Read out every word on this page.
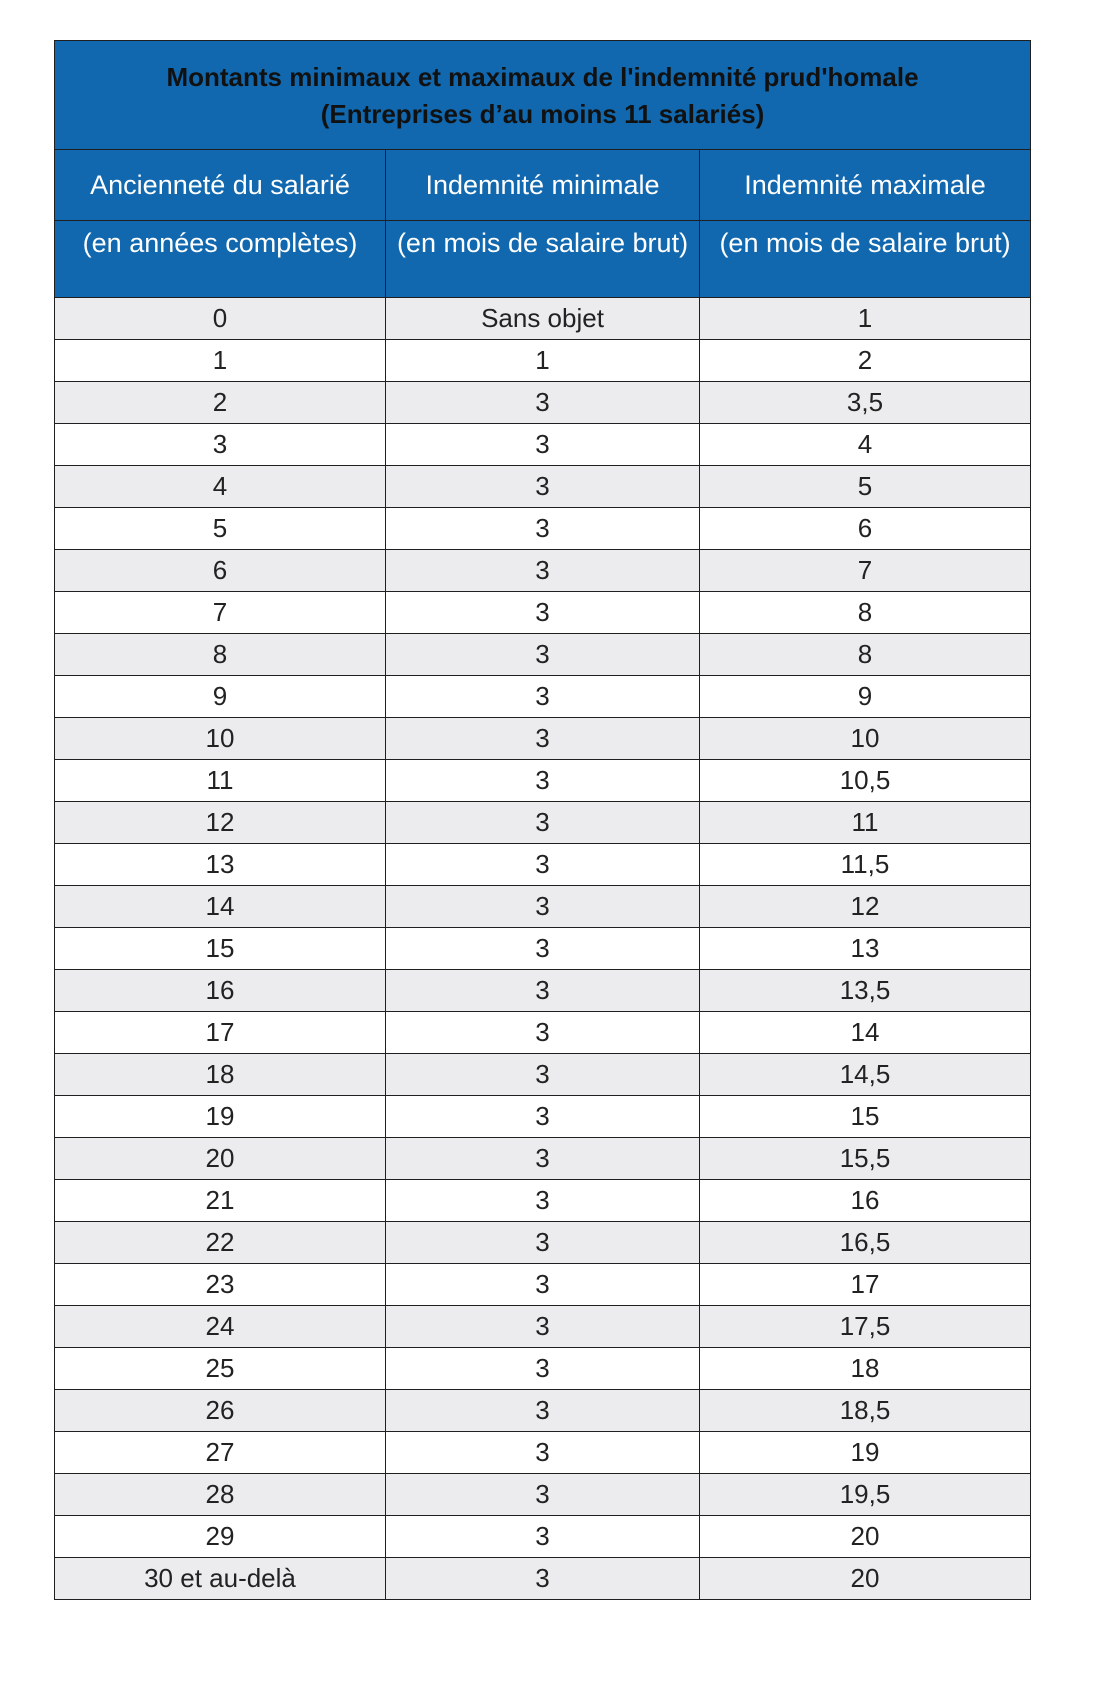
Montants minimaux et maximaux de l'indemnité prud'homale
(Entreprises d’au moins 11 salariés)		

Ancienneté du salarié	Indemnité minimale	Indemnité maximale
(en années complètes)	(en mois de salaire brut)	(en mois de salaire brut)
0	Sans objet	1
1	1	2
2	3	3,5
3	3	4
4	3	5
5	3	6
6	3	7
7	3	8
8	3	8
9	3	9
10	3	10
11	3	10,5
12	3	11
13	3	11,5
14	3	12
15	3	13
16	3	13,5
17	3	14
18	3	14,5
19	3	15
20	3	15,5
21	3	16
22	3	16,5
23	3	17
24	3	17,5
25	3	18
26	3	18,5
27	3	19
28	3	19,5
29	3	20
30 et au-delà	3	20
